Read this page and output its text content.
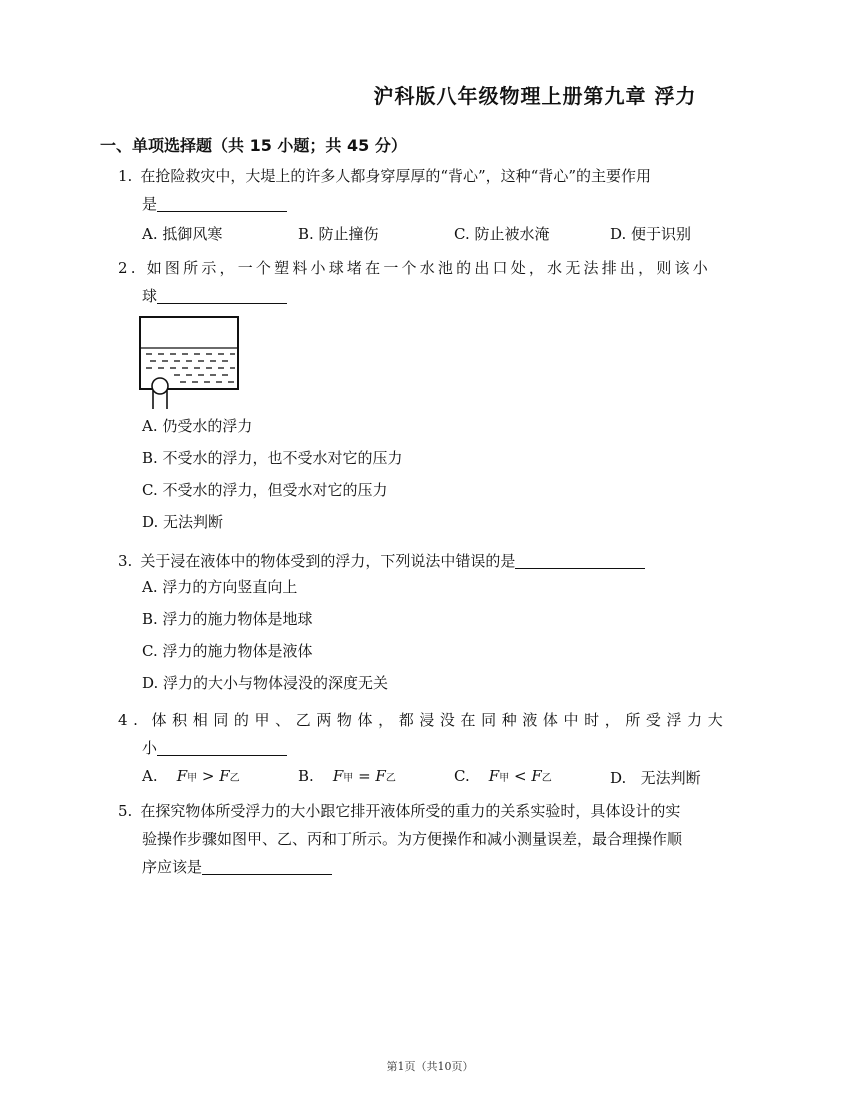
沪科版八年级物理上册第九章 浮力
一、单项选择题（共 15 小题；共 45 分）
1. 在抢险救灾中，大堤上的许多人都身穿厚厚的“背心”，这种“背心”的主要作用
是
A. 抵御风寒	B. 防止撞伤	C. 防止被水淹	D. 便于识别
2. 如图所示，一个塑料小球堵在一个水池的出口处，水无法排出，则该小
球
A. 仍受水的浮力
B. 不受水的浮力，也不受水对它的压力
C. 不受水的浮力，但受水对它的压力
D. 无法判断
3. 关于浸在液体中的物体受到的浮力，下列说法中错误的是
A. 浮力的方向竖直向上
B. 浮力的施力物体是地球
C. 浮力的施力物体是液体
D. 浮力的大小与物体浸没的深度无关
4. 体积相同的甲、乙两物体，都浸没在同种液体中时，所受浮力大
小
A. F甲 > F乙	B. F甲 = F乙	C. F甲 < F乙	D. 无法判断
5. 在探究物体所受浮力的大小跟它排开液体所受的重力的关系实验时，具体设计的实
验操作步骤如图甲、乙、丙和丁所示。为方便操作和减小测量误差，最合理操作顺
序应该是
第1页（共10页）
